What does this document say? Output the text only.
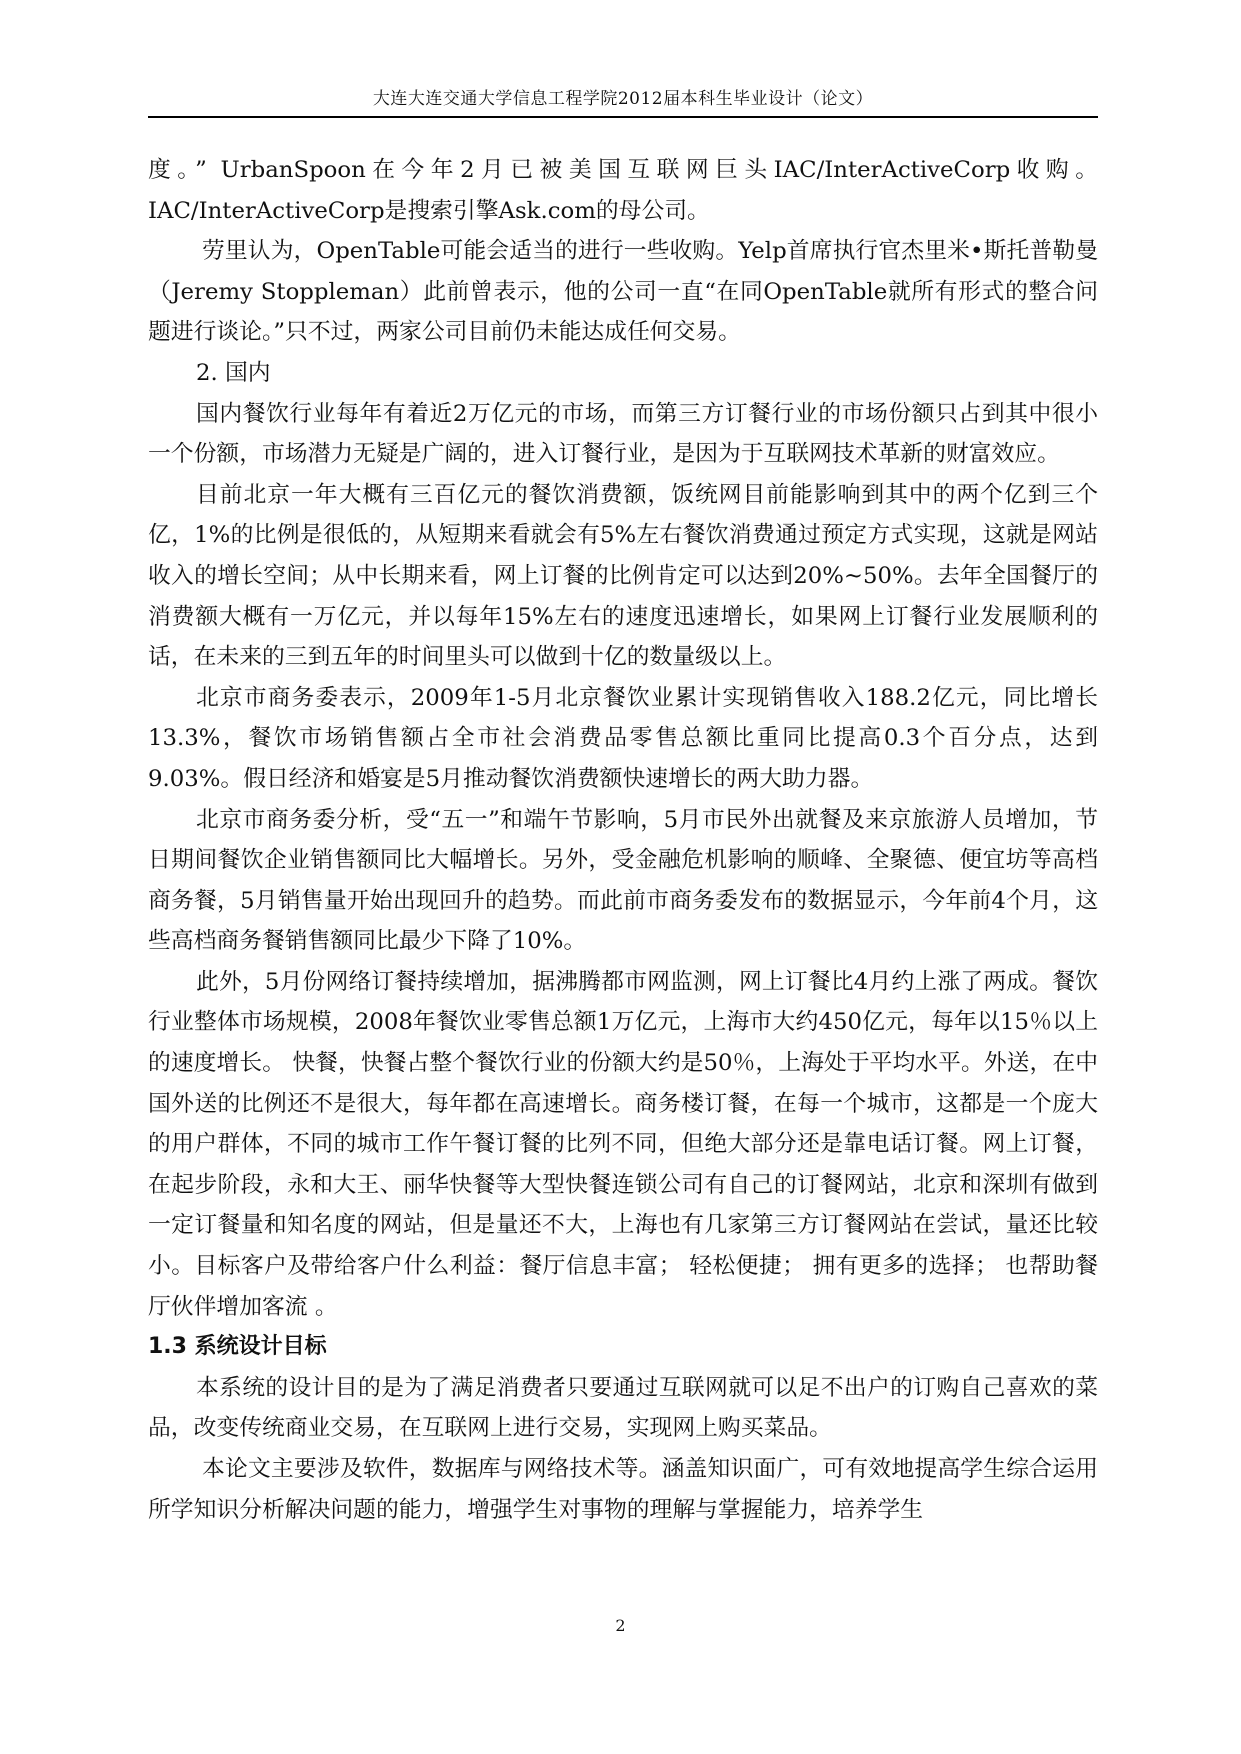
大连大连交通大学信息工程学院2012届本科生毕业设计（论文）

度。” UrbanSpoon在今年2月已被美国互联网巨头IAC/InterActiveCorp收购。IAC/InterActiveCorp是搜索引擎Ask.com的母公司。

劳里认为，OpenTable可能会适当的进行一些收购。Yelp首席执行官杰里米•斯托普勒曼（Jeremy Stoppleman）此前曾表示，他的公司一直“在同OpenTable就所有形式的整合问题进行谈论。”只不过，两家公司目前仍未能达成任何交易。

2. 国内

国内餐饮行业每年有着近2万亿元的市场，而第三方订餐行业的市场份额只占到其中很小一个份额，市场潜力无疑是广阔的，进入订餐行业，是因为于互联网技术革新的财富效应。

目前北京一年大概有三百亿元的餐饮消费额，饭统网目前能影响到其中的两个亿到三个亿，1%的比例是很低的，从短期来看就会有5%左右餐饮消费通过预定方式实现，这就是网站收入的增长空间；从中长期来看，网上订餐的比例肯定可以达到20%~50%。去年全国餐厅的消费额大概有一万亿元，并以每年15%左右的速度迅速增长，如果网上订餐行业发展顺利的话，在未来的三到五年的时间里头可以做到十亿的数量级以上。

北京市商务委表示，2009年1-5月北京餐饮业累计实现销售收入188.2亿元，同比增长13.3%，餐饮市场销售额占全市社会消费品零售总额比重同比提高0.3个百分点，达到9.03%。假日经济和婚宴是5月推动餐饮消费额快速增长的两大助力器。

北京市商务委分析，受“五一”和端午节影响，5月市民外出就餐及来京旅游人员增加，节日期间餐饮企业销售额同比大幅增长。另外，受金融危机影响的顺峰、全聚德、便宜坊等高档商务餐，5月销售量开始出现回升的趋势。而此前市商务委发布的数据显示，今年前4个月，这些高档商务餐销售额同比最少下降了10%。

此外，5月份网络订餐持续增加，据沸腾都市网监测，网上订餐比4月约上涨了两成。餐饮行业整体市场规模，2008年餐饮业零售总额1万亿元，上海市大约450亿元，每年以15％以上的速度增长。 快餐，快餐占整个餐饮行业的份额大约是50％，上海处于平均水平。外送，在中国外送的比例还不是很大，每年都在高速增长。商务楼订餐，在每一个城市，这都是一个庞大的用户群体，不同的城市工作午餐订餐的比列不同，但绝大部分还是靠电话订餐。网上订餐，在起步阶段，永和大王、丽华快餐等大型快餐连锁公司有自己的订餐网站，北京和深圳有做到一定订餐量和知名度的网站，但是量还不大，上海也有几家第三方订餐网站在尝试，量还比较小。目标客户及带给客户什么利益：餐厅信息丰富； 轻松便捷； 拥有更多的选择； 也帮助餐厅伙伴增加客流 。

1.3 系统设计目标

本系统的设计目的是为了满足消费者只要通过互联网就可以足不出户的订购自己喜欢的菜品，改变传统商业交易，在互联网上进行交易，实现网上购买菜品。

本论文主要涉及软件，数据库与网络技术等。涵盖知识面广，可有效地提高学生综合运用所学知识分析解决问题的能力，增强学生对事物的理解与掌握能力，培养学生

2
